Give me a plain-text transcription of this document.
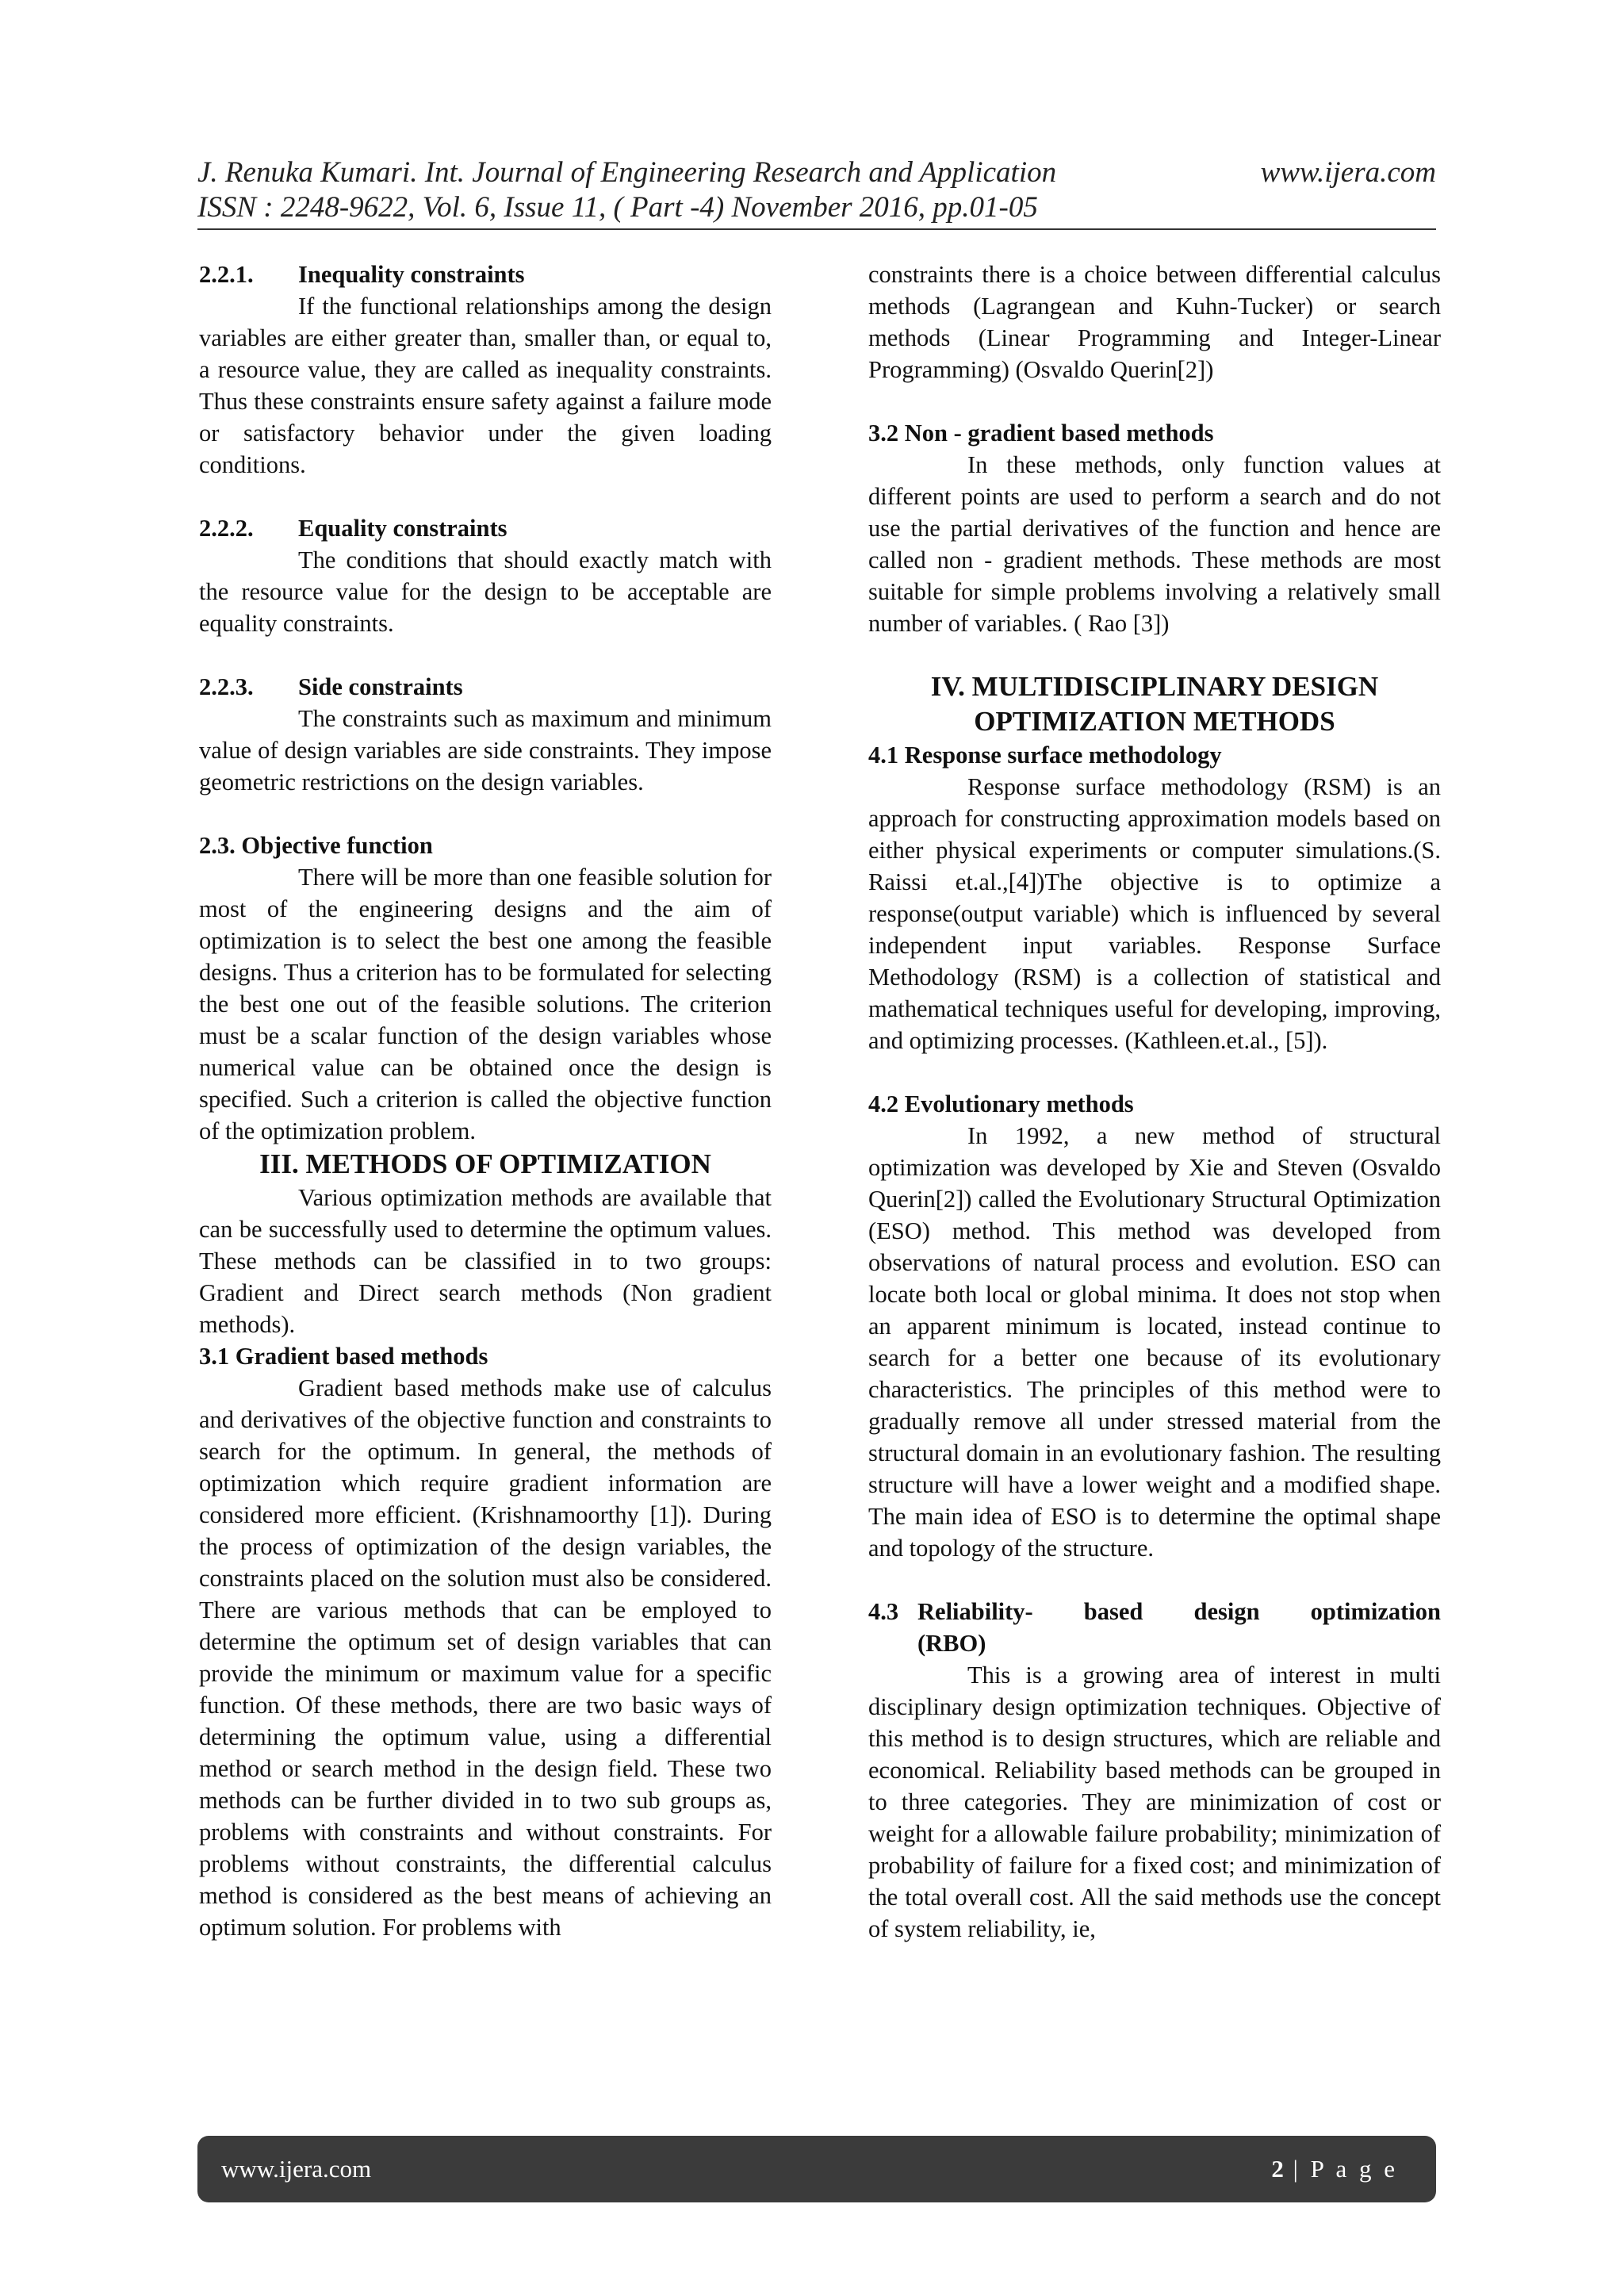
J. Renuka Kumari. Int. Journal of Engineering Research and Application	www.ijera.com
ISSN : 2248-9622, Vol. 6, Issue 11, ( Part -4) November 2016, pp.01-05

2.2.1. Inequality constraints

If the functional relationships among the design variables are either greater than, smaller than, or equal to, a resource value, they are called as inequality constraints. Thus these constraints ensure safety against a failure mode or satisfactory behavior under the given loading conditions.

2.2.2. Equality constraints

The conditions that should exactly match with the resource value for the design to be acceptable are equality constraints.

2.2.3. Side constraints

The constraints such as maximum and minimum value of design variables are side constraints. They impose geometric restrictions on the design variables.

2.3. Objective function

There will be more than one feasible solution for most of the engineering designs and the aim of optimization is to select the best one among the feasible designs. Thus a criterion has to be formulated for selecting the best one out of the feasible solutions. The criterion must be a scalar function of the design variables whose numerical value can be obtained once the design is specified. Such a criterion is called the objective function of the optimization problem.

III. METHODS OF OPTIMIZATION

Various optimization methods are available that can be successfully used to determine the optimum values. These methods can be classified in to two groups: Gradient and Direct search methods (Non gradient methods).

3.1 Gradient based methods

Gradient based methods make use of calculus and derivatives of the objective function and constraints to search for the optimum. In general, the methods of optimization which require gradient information are considered more efficient. (Krishnamoorthy [1]). During the process of optimization of the design variables, the constraints placed on the solution must also be considered. There are various methods that can be employed to determine the optimum set of design variables that can provide the minimum or maximum value for a specific function. Of these methods, there are two basic ways of determining the optimum value, using a differential method or search method in the design field. These two methods can be further divided in to two sub groups as, problems with constraints and without constraints. For problems without constraints, the differential calculus method is considered as the best means of achieving an optimum solution. For problems with

constraints there is a choice between differential calculus methods (Lagrangean and Kuhn-Tucker) or search methods (Linear Programming and Integer-Linear Programming) (Osvaldo Querin[2])

3.2 Non - gradient based methods

In these methods, only function values at different points are used to perform a search and do not use the partial derivatives of the function and hence are called non - gradient methods. These methods are most suitable for simple problems involving a relatively small number of variables. ( Rao [3])

IV. MULTIDISCIPLINARY DESIGN
OPTIMIZATION METHODS

4.1 Response surface methodology

Response surface methodology (RSM) is an approach for constructing approximation models based on either physical experiments or computer simulations.(S. Raissi et.al.,[4])The objective is to optimize a response(output variable) which is influenced by several independent input variables. Response Surface Methodology (RSM) is a collection of statistical and mathematical techniques useful for developing, improving, and optimizing processes. (Kathleen.et.al., [5]).

4.2 Evolutionary methods

In 1992, a new method of structural optimization was developed by Xie and Steven (Osvaldo Querin[2]) called the Evolutionary Structural Optimization (ESO) method. This method was developed from observations of natural process and evolution. ESO can locate both local or global minima. It does not stop when an apparent minimum is located, instead continue to search for a better one because of its evolutionary characteristics. The principles of this method were to gradually remove all under stressed material from the structural domain in an evolutionary fashion. The resulting structure will have a lower weight and a modified shape. The main idea of ESO is to determine the optimal shape and topology of the structure.

4.3 Reliability- based design optimization

(RBO)

This is a growing area of interest in multi disciplinary design optimization techniques. Objective of this method is to design structures, which are reliable and economical. Reliability based methods can be grouped in to three categories. They are minimization of cost or weight for a allowable failure probability; minimization of probability of failure for a fixed cost; and minimization of the total overall cost. All the said methods use the concept of system reliability, ie,

www.ijera.com	2 | P a g e
